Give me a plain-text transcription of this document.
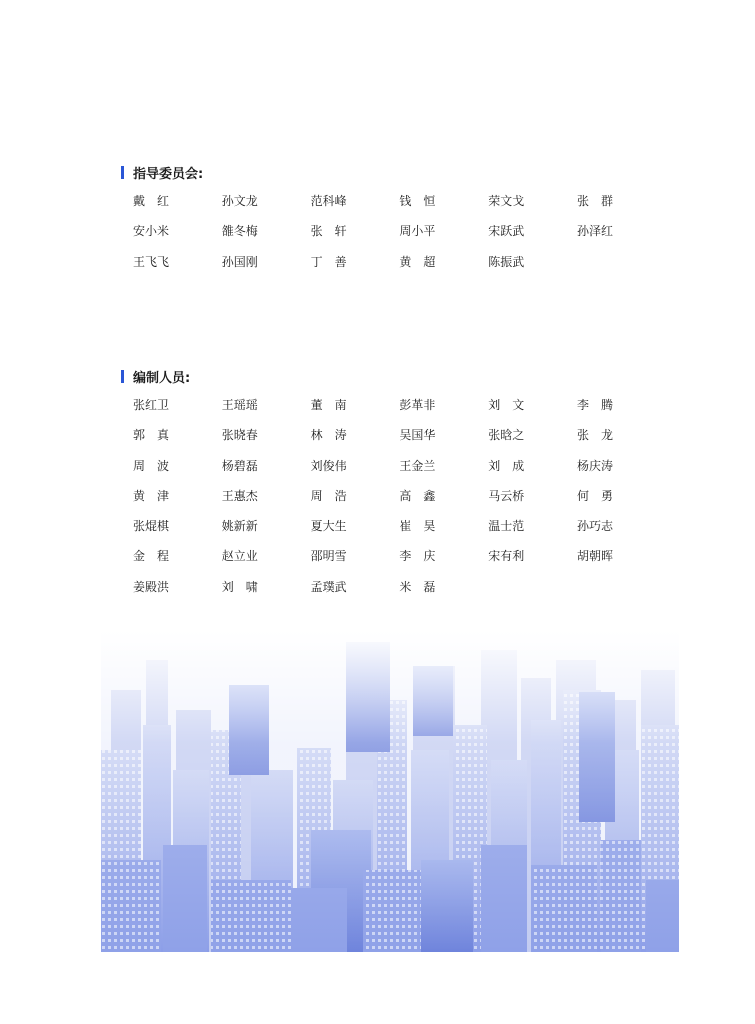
指导委员会:
戴　红	孙文龙	范科峰	钱　恒	荣文戈	张　群
安小米	雒冬梅	张　轩	周小平	宋跃武	孙泽红
王飞飞	孙国刚	丁　善	黄　超	陈振武
编制人员:
张红卫	王瑶瑶	董　南	彭革非	刘　文	李　腾
郭　真	张晓春	林　涛	吴国华	张晗之	张　龙
周　波	杨碧磊	刘俊伟	王金兰	刘　成	杨庆涛
黄　津	王惠杰	周　浩	高　鑫	马云桥	何　勇
张焜棋	姚新新	夏大生	崔　昊	温士范	孙巧志
金　程	赵立业	邵明雪	李　庆	宋有利	胡朝晖
姜殿洪	刘　啸	孟璞武	米　磊
